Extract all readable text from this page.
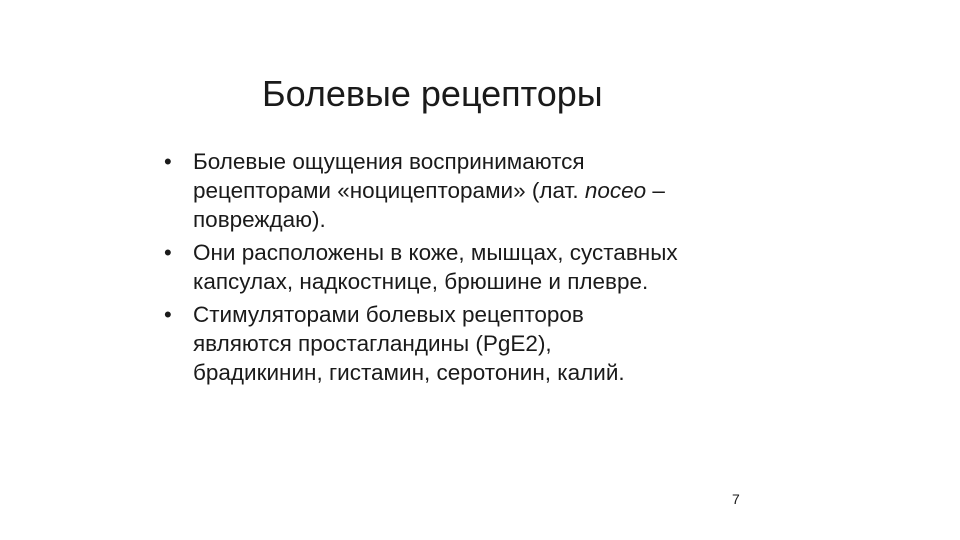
Болевые рецепторы
• Болевые ощущения воспринимаются
рецепторами «ноцицепторами» (лат. noceo –
повреждаю).
• Они расположены в коже, мышцах, суставных
капсулах, надкостнице, брюшине и плевре.
• Стимуляторами болевых рецепторов
являются простагландины (PgE2),
брадикинин, гистамин, серотонин, калий.
7
